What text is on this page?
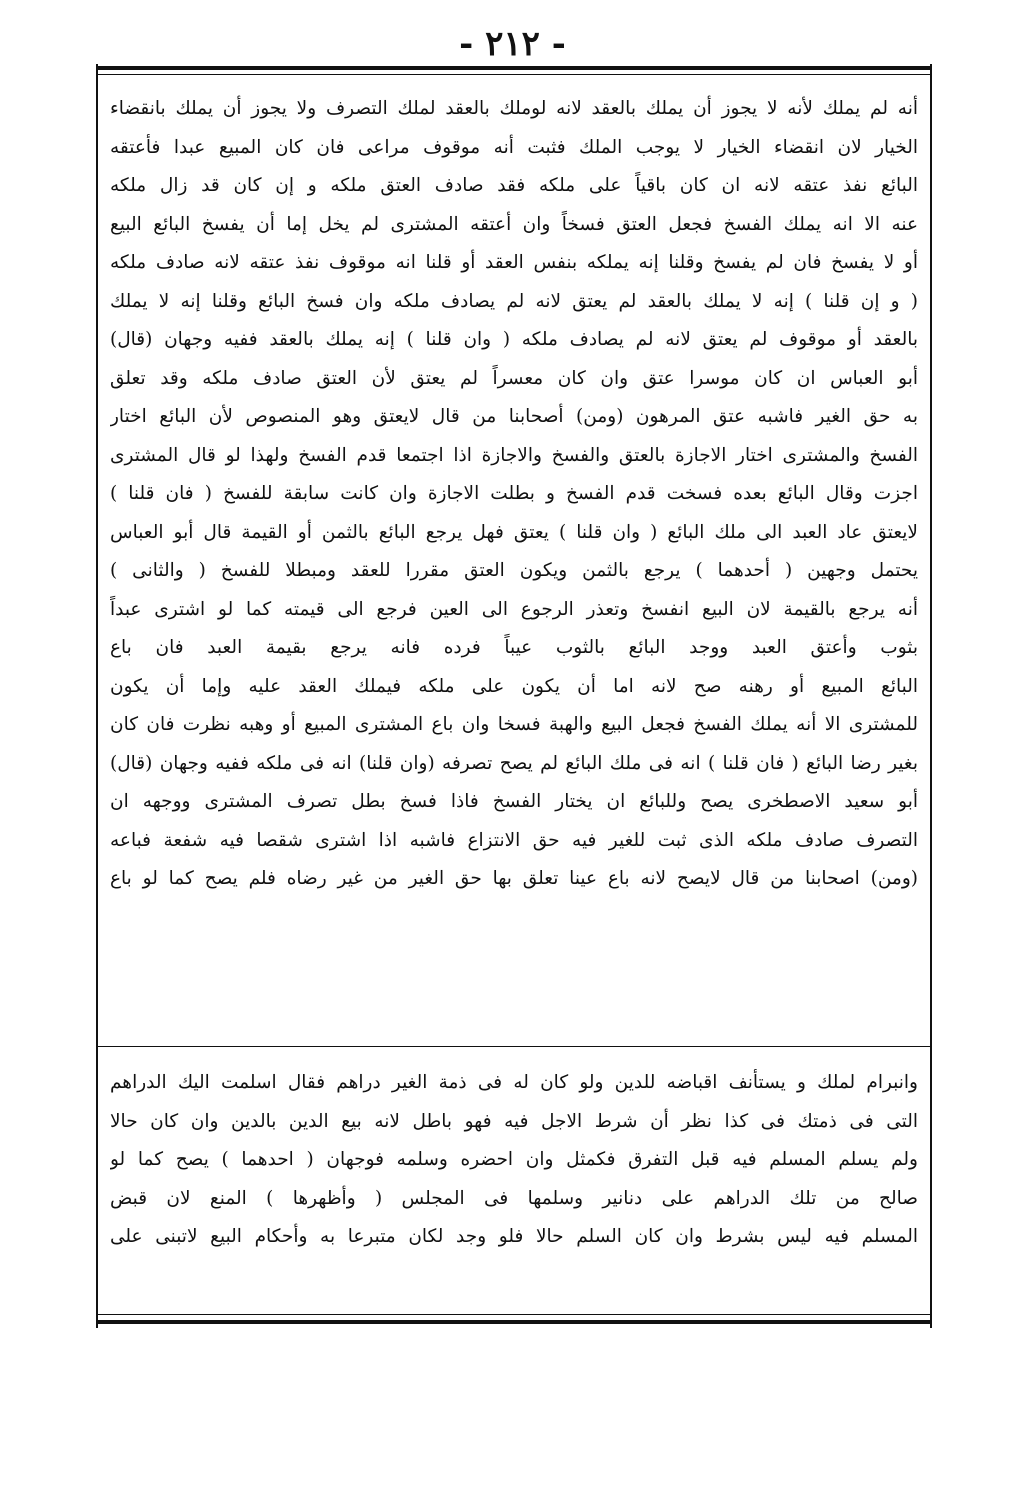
- ٢١٢ -
أنه لم يملك لأنه لا يجوز أن يملك بالعقد لانه لوملك بالعقد لملك التصرف ولا يجوز أن يملك بانقضاء
الخيار لان انقضاء الخيار لا يوجب الملك فثبت أنه موقوف مراعى فان كان المبيع عبدا فأعتقه
البائع نفذ عتقه لانه ان كان باقياً على ملكه فقد صادف العتق ملكه و إن كان قد زال ملكه
عنه الا انه يملك الفسخ فجعل العتق فسخاً وان أعتقه المشترى لم يخل إما أن يفسخ البائع البيع
أو لا يفسخ فان لم يفسخ وقلنا إنه يملكه بنفس العقد أو قلنا انه موقوف نفذ عتقه لانه صادف ملكه
( و إن قلنا ) إنه لا يملك بالعقد لم يعتق لانه لم يصادف ملكه وان فسخ البائع وقلنا إنه لا يملك
بالعقد أو موقوف لم يعتق لانه لم يصادف ملكه ( وان قلنا ) إنه يملك بالعقد ففيه وجهان (قال)
أبو العباس ان كان موسرا عتق وان كان معسراً لم يعتق لأن العتق صادف ملكه وقد تعلق
به حق الغير فاشبه عتق المرهون (ومن) أصحابنا من قال لايعتق وهو المنصوص لأن البائع اختار
الفسخ والمشترى اختار الاجازة بالعتق والفسخ والاجازة اذا اجتمعا قدم الفسخ ولهذا لو قال المشترى
اجزت وقال البائع بعده فسخت قدم الفسخ و بطلت الاجازة وان كانت سابقة للفسخ ( فان قلنا )
لايعتق عاد العبد الى ملك البائع ( وان قلنا ) يعتق فهل يرجع البائع بالثمن أو القيمة قال أبو العباس
يحتمل وجهين ( أحدهما ) يرجع بالثمن ويكون العتق مقررا للعقد ومبطلا للفسخ ( والثانى )
أنه يرجع بالقيمة لان البيع انفسخ وتعذر الرجوع الى العين فرجع الى قيمته كما لو اشترى عبداً
بثوب وأعتق العبد ووجد البائع بالثوب عيباً فرده فانه يرجع بقيمة العبد فان باع
البائع المبيع أو رهنه صح لانه اما أن يكون على ملكه فيملك العقد عليه وإما أن يكون
للمشترى الا أنه يملك الفسخ فجعل البيع والهبة فسخا وان باع المشترى المبيع أو وهبه نظرت فان كان
بغير رضا البائع ( فان قلنا ) انه فى ملك البائع لم يصح تصرفه (وان قلنا) انه فى ملكه ففيه وجهان (قال)
أبو سعيد الاصطخرى يصح وللبائع ان يختار الفسخ فاذا فسخ بطل تصرف المشترى ووجهه ان
التصرف صادف ملكه الذى ثبت للغير فيه حق الانتزاع فاشبه اذا اشترى شقصا فيه شفعة فباعه
(ومن) اصحابنا من قال لايصح لانه باع عينا تعلق بها حق الغير من غير رضاه فلم يصح كما لو باع
وانبرام لملك و يستأنف اقباضه للدين ولو كان له فى ذمة الغير دراهم فقال اسلمت اليك الدراهم
التى فى ذمتك فى كذا نظر أن شرط الاجل فيه فهو باطل لانه بيع الدين بالدين وان كان حالا
ولم يسلم المسلم فيه قبل التفرق فكمثل وان احضره وسلمه فوجهان ( احدهما ) يصح كما لو
صالح من تلك الدراهم على دنانير وسلمها فى المجلس ( وأظهرها ) المنع لان قبض
المسلم فيه ليس بشرط وان كان السلم حالا فلو وجد لكان متبرعا به وأحكام البيع لاتبنى على
